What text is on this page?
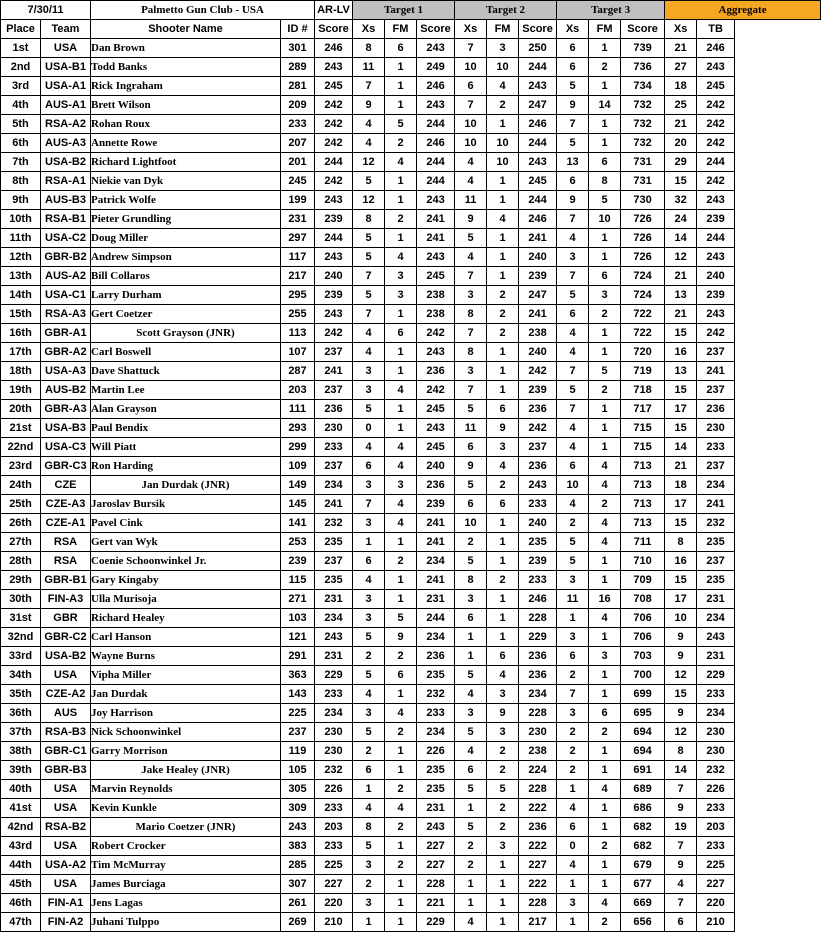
7/30/11		Palmetto Gun Club - USA		AR-LV	Target 1			Target 2			Target 3			Aggregate	
Place	Team	Shooter Name	ID #	Score	Xs	FM	Score	Xs	FM	Score	Xs	FM	Score	Xs	TB
1st	USA	Dan Brown	301	246	8	6	243	7	3	250	6	1	739	21	246
2nd	USA-B1	Todd Banks	289	243	11	1	249	10	10	244	6	2	736	27	243
3rd	USA-A1	Rick Ingraham	281	245	7	1	246	6	4	243	5	1	734	18	245
4th	AUS-A1	Brett Wilson	209	242	9	1	243	7	2	247	9	14	732	25	242
5th	RSA-A2	Rohan Roux	233	242	4	5	244	10	1	246	7	1	732	21	242
6th	AUS-A3	Annette Rowe	207	242	4	2	246	10	10	244	5	1	732	20	242
7th	USA-B2	Richard Lightfoot	201	244	12	4	244	4	10	243	13	6	731	29	244
8th	RSA-A1	Niekie van Dyk	245	242	5	1	244	4	1	245	6	8	731	15	242
9th	AUS-B3	Patrick Wolfe	199	243	12	1	243	11	1	244	9	5	730	32	243
10th	RSA-B1	Pieter Grundling	231	239	8	2	241	9	4	246	7	10	726	24	239
11th	USA-C2	Doug Miller	297	244	5	1	241	5	1	241	4	1	726	14	244
12th	GBR-B2	Andrew Simpson	117	243	5	4	243	4	1	240	3	1	726	12	243
13th	AUS-A2	Bill Collaros	217	240	7	3	245	7	1	239	7	6	724	21	240
14th	USA-C1	Larry Durham	295	239	5	3	238	3	2	247	5	3	724	13	239
15th	RSA-A3	Gert Coetzer	255	243	7	1	238	8	2	241	6	2	722	21	243
16th	GBR-A1	Scott Grayson (JNR)	113	242	4	6	242	7	2	238	4	1	722	15	242
17th	GBR-A2	Carl Boswell	107	237	4	1	243	8	1	240	4	1	720	16	237
18th	USA-A3	Dave Shattuck	287	241	3	1	236	3	1	242	7	5	719	13	241
19th	AUS-B2	Martin Lee	203	237	3	4	242	7	1	239	5	2	718	15	237
20th	GBR-A3	Alan Grayson	111	236	5	1	245	5	6	236	7	1	717	17	236
21st	USA-B3	Paul Bendix	293	230	0	1	243	11	9	242	4	1	715	15	230
22nd	USA-C3	Will Piatt	299	233	4	4	245	6	3	237	4	1	715	14	233
23rd	GBR-C3	Ron Harding	109	237	6	4	240	9	4	236	6	4	713	21	237
24th	CZE	Jan Durdak (JNR)	149	234	3	3	236	5	2	243	10	4	713	18	234
25th	CZE-A3	Jaroslav Bursik	145	241	7	4	239	6	6	233	4	2	713	17	241
26th	CZE-A1	Pavel Cink	141	232	3	4	241	10	1	240	2	4	713	15	232
27th	RSA	Gert van Wyk	253	235	1	1	241	2	1	235	5	4	711	8	235
28th	RSA	Coenie Schoonwinkel Jr.	239	237	6	2	234	5	1	239	5	1	710	16	237
29th	GBR-B1	Gary Kingaby	115	235	4	1	241	8	2	233	3	1	709	15	235
30th	FIN-A3	Ulla Murisoja	271	231	3	1	231	3	1	246	11	16	708	17	231
31st	GBR	Richard Healey	103	234	3	5	244	6	1	228	1	4	706	10	234
32nd	GBR-C2	Carl Hanson	121	243	5	9	234	1	1	229	3	1	706	9	243
33rd	USA-B2	Wayne Burns	291	231	2	2	236	1	6	236	6	3	703	9	231
34th	USA	Vipha Miller	363	229	5	6	235	5	4	236	2	1	700	12	229
35th	CZE-A2	Jan Durdak	143	233	4	1	232	4	3	234	7	1	699	15	233
36th	AUS	Joy Harrison	225	234	3	4	233	3	9	228	3	6	695	9	234
37th	RSA-B3	Nick Schoonwinkel	237	230	5	2	234	5	3	230	2	2	694	12	230
38th	GBR-C1	Garry Morrison	119	230	2	1	226	4	2	238	2	1	694	8	230
39th	GBR-B3	Jake Healey (JNR)	105	232	6	1	235	6	2	224	2	1	691	14	232
40th	USA	Marvin Reynolds	305	226	1	2	235	5	5	228	1	4	689	7	226
41st	USA	Kevin Kunkle	309	233	4	4	231	1	2	222	4	1	686	9	233
42nd	RSA-B2	Mario Coetzer (JNR)	243	203	8	2	243	5	2	236	6	1	682	19	203
43rd	USA	Robert Crocker	383	233	5	1	227	2	3	222	0	2	682	7	233
44th	USA-A2	Tim McMurray	285	225	3	2	227	2	1	227	4	1	679	9	225
45th	USA	James Burciaga	307	227	2	1	228	1	1	222	1	1	677	4	227
46th	FIN-A1	Jens Lagas	261	220	3	1	221	1	1	228	3	4	669	7	220
47th	FIN-A2	Juhani Tulppo	269	210	1	1	229	4	1	217	1	2	656	6	210
